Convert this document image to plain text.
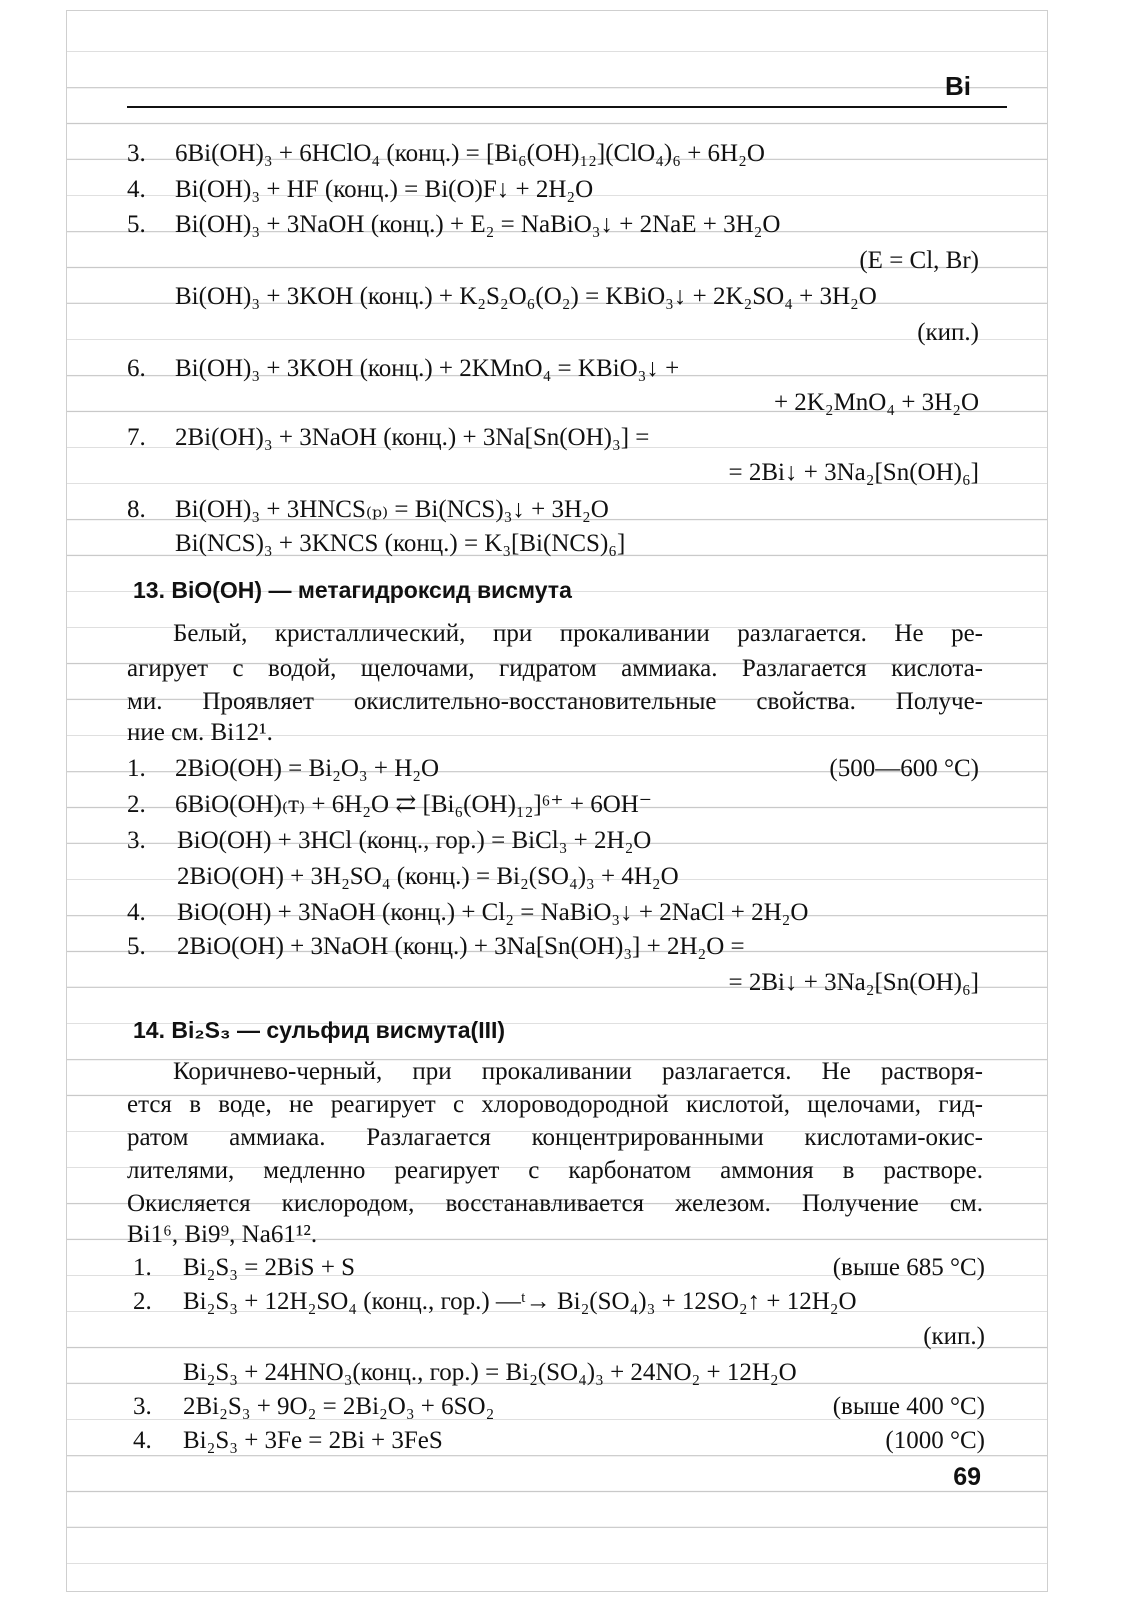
Bi
3.	6Bi(OH)₃ + 6HClO₄ (конц.) = [Bi₆(OH)₁₂](ClO₄)₆ + 6H₂O
4.	Bi(OH)₃ + HF (конц.) = Bi(O)F↓ + 2H₂O
5.	Bi(OH)₃ + 3NaOH (конц.) + E₂ = NaBiO₃↓ + 2NaE + 3H₂O
(E = Cl, Br)
Bi(OH)₃ + 3KOH (конц.) + K₂S₂O₆(O₂) = KBiO₃↓ + 2K₂SO₄ + 3H₂O
(кип.)
6.	Bi(OH)₃ + 3KOH (конц.) + 2KMnO₄ = KBiO₃↓ +
+ 2K₂MnO₄ + 3H₂O
7.	2Bi(OH)₃ + 3NaOH (конц.) + 3Na[Sn(OH)₃] =
= 2Bi↓ + 3Na₂[Sn(OH)₆]
8.	Bi(OH)₃ + 3HNCS₍ₚ₎ = Bi(NCS)₃↓ + 3H₂O
Bi(NCS)₃ + 3KNCS (конц.) = K₃[Bi(NCS)₆]
13. BiO(OH) — метагидроксид висмута
Белый, кристаллический, при прокаливании разлагается. Не ре-
агирует с водой, щелочами, гидратом аммиака. Разлагается кислота-
ми. Проявляет окислительно-восстановительные свойства. Получе-
ние см. Bi12¹.
1.	2BiO(OH) = Bi₂O₃ + H₂O	(500—600 °C)
2.	6BiO(OH)₍т₎ + 6H₂O ⇄ [Bi₆(OH)₁₂]⁶⁺ + 6OH⁻
3.	BiO(OH) + 3HCl (конц., гор.) = BiCl₃ + 2H₂O
2BiO(OH) + 3H₂SO₄ (конц.) = Bi₂(SO₄)₃ + 4H₂O
4.	BiO(OH) + 3NaOH (конц.) + Cl₂ = NaBiO₃↓ + 2NaCl + 2H₂O
5.	2BiO(OH) + 3NaOH (конц.) + 3Na[Sn(OH)₃] + 2H₂O =
= 2Bi↓ + 3Na₂[Sn(OH)₆]
14. Bi₂S₃ — сульфид висмута(III)
Коричнево-черный, при прокаливании разлагается. Не растворя-
ется в воде, не реагирует с хлороводородной кислотой, щелочами, гид-
ратом аммиака. Разлагается концентрированными кислотами-окис-
лителями, медленно реагирует с карбонатом аммония в растворе.
Окисляется кислородом, восстанавливается железом. Получение см.
Bi1⁶, Bi9⁹, Na61¹².
1.	Bi₂S₃ = 2BiS + S	(выше 685 °C)
2.	Bi₂S₃ + 12H₂SO₄ (конц., гор.) ―ᵗ→ Bi₂(SO₄)₃ + 12SO₂↑ + 12H₂O
(кип.)
Bi₂S₃ + 24HNO₃(конц., гор.) = Bi₂(SO₄)₃ + 24NO₂ + 12H₂O
3.	2Bi₂S₃ + 9O₂ = 2Bi₂O₃ + 6SO₂	(выше 400 °C)
4.	Bi₂S₃ + 3Fe = 2Bi + 3FeS	(1000 °C)
69
